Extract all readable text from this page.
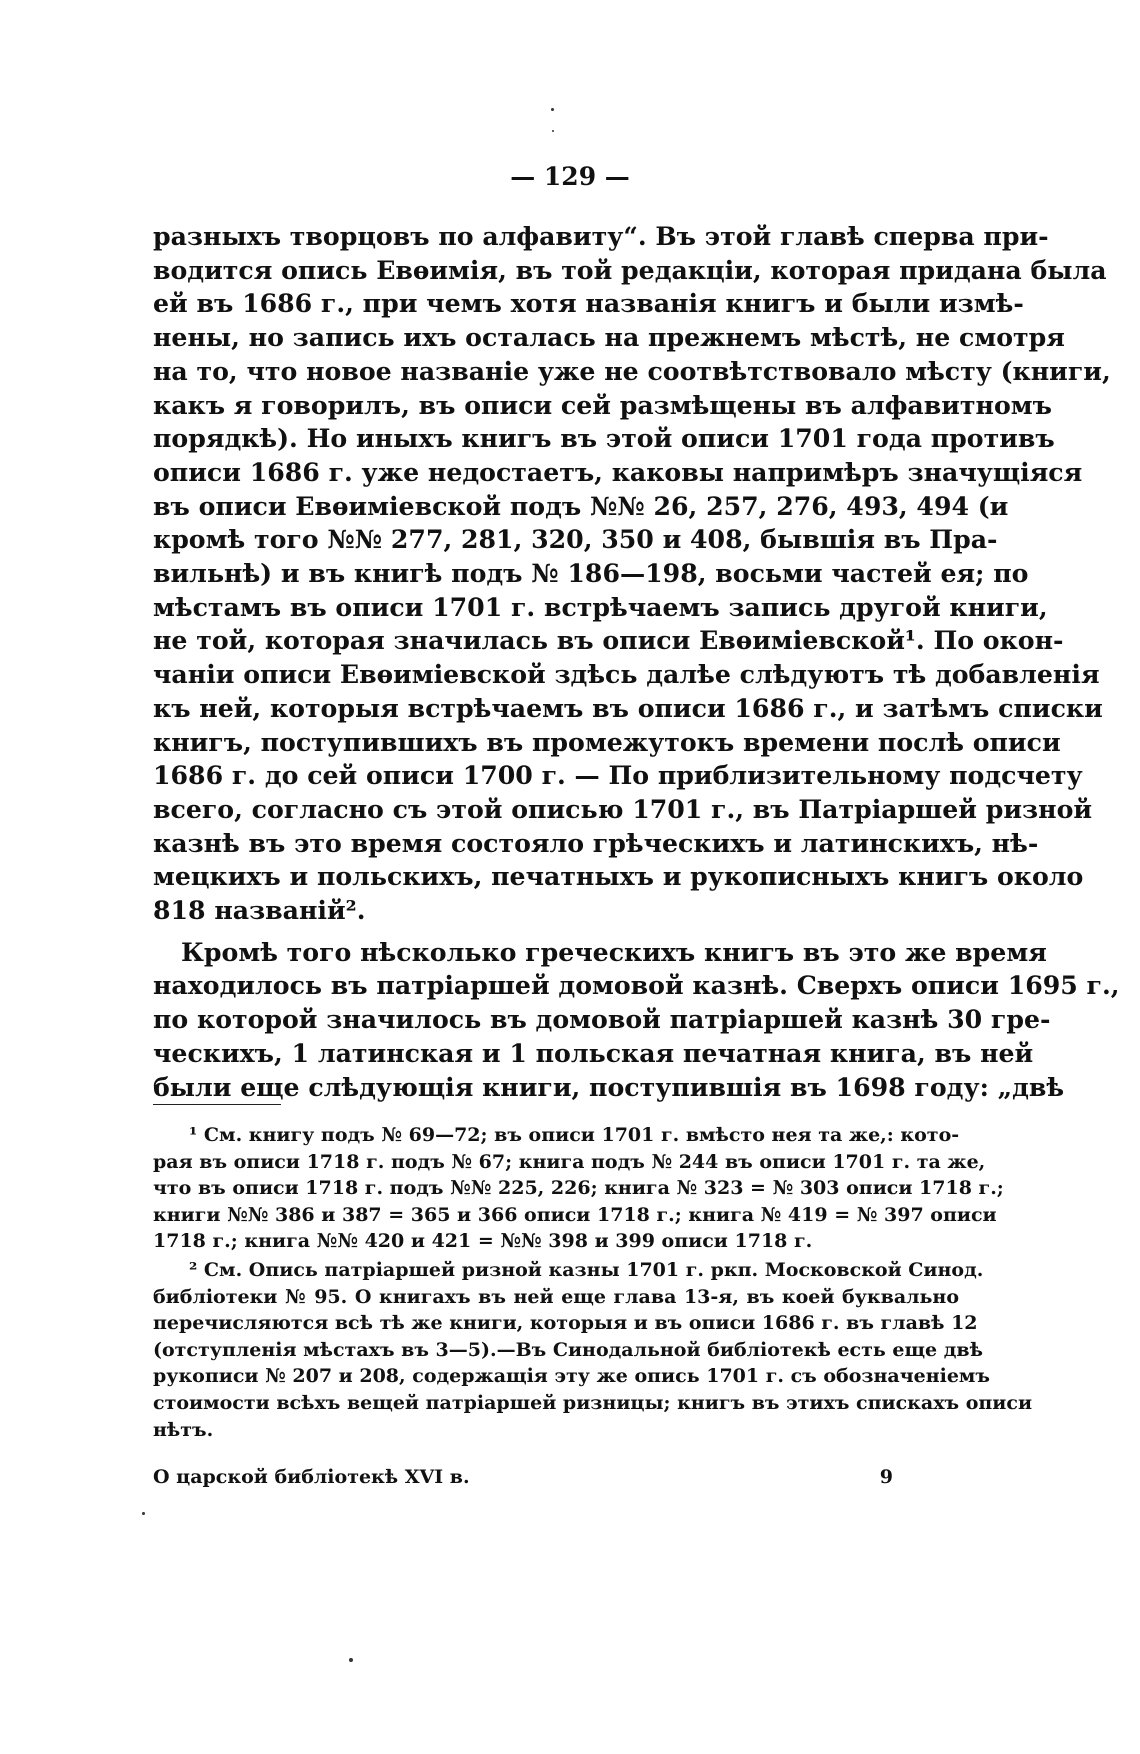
— 129 —
разныхъ творцовъ по алфавиту“. Въ этой главѣ сперва при-
водится опись Евѳимія, въ той редакціи, которая придана была
ей въ 1686 г., при чемъ хотя названія книгъ и были измѣ-
нены, но запись ихъ осталась на прежнемъ мѣстѣ, не смотря
на то, что новое названіе уже не соотвѣтствовало мѣсту (книги,
какъ я говорилъ, въ описи сей размѣщены въ алфавитномъ
порядкѣ). Но иныхъ книгъ въ этой описи 1701 года противъ
описи 1686 г. уже недостаетъ, каковы напримѣръ значущіяся
въ описи Евѳиміевской подъ №№ 26, 257, 276, 493, 494 (и
кромѣ того №№ 277, 281, 320, 350 и 408, бывшія въ Пра-
вильнѣ) и въ книгѣ подъ № 186—198, восьми частей ея; по
мѣстамъ въ описи 1701 г. встрѣчаемъ запись другой книги,
не той, которая значилась въ описи Евѳиміевской¹. По окон-
чаніи описи Евѳиміевской здѣсь далѣе слѣдуютъ тѣ добавленія
къ ней, которыя встрѣчаемъ въ описи 1686 г., и затѣмъ списки
книгъ, поступившихъ въ промежутокъ времени послѣ описи
1686 г. до сей описи 1700 г. — По приблизительному подсчету
всего, согласно съ этой описью 1701 г., въ Патріаршей ризной
казнѣ въ это время состояло грѣческихъ и латинскихъ, нѣ-
мецкихъ и польскихъ, печатныхъ и рукописныхъ книгъ около
818 названій².
Кромѣ того нѣсколько греческихъ книгъ въ это же время
находилось въ патріаршей домовой казнѣ. Сверхъ описи 1695 г.,
по которой значилось въ домовой патріаршей казнѣ 30 гре-
ческихъ, 1 латинская и 1 польская печатная книга, въ ней
были еще слѣдующія книги, поступившія въ 1698 году: „двѣ
¹ См. книгу подъ № 69—72; въ описи 1701 г. вмѣсто нея та же,: кото-
рая въ описи 1718 г. подъ № 67; книга подъ № 244 въ описи 1701 г. та же,
что въ описи 1718 г. подъ №№ 225, 226; книга № 323 = № 303 описи 1718 г.;
книги №№ 386 и 387 = 365 и 366 описи 1718 г.; книга № 419 = № 397 описи
1718 г.; книга №№ 420 и 421 = №№ 398 и 399 описи 1718 г.
² См. Опись патріаршей ризной казны 1701 г. ркп. Московской Синод.
библіотеки № 95. О книгахъ въ ней еще глава 13-я, въ коей буквально
перечисляются всѣ тѣ же книги, которыя и въ описи 1686 г. въ главѣ 12
(отступленія мѣстахъ въ 3—5).—Въ Синодальной библіотекѣ есть еще двѣ
рукописи № 207 и 208, содержащія эту же опись 1701 г. съ обозначеніемъ
стоимости всѣхъ вещей патріаршей ризницы; книгъ въ этихъ спискахъ описи
нѣтъ.
О царской библіотекѣ XVI в.	9
